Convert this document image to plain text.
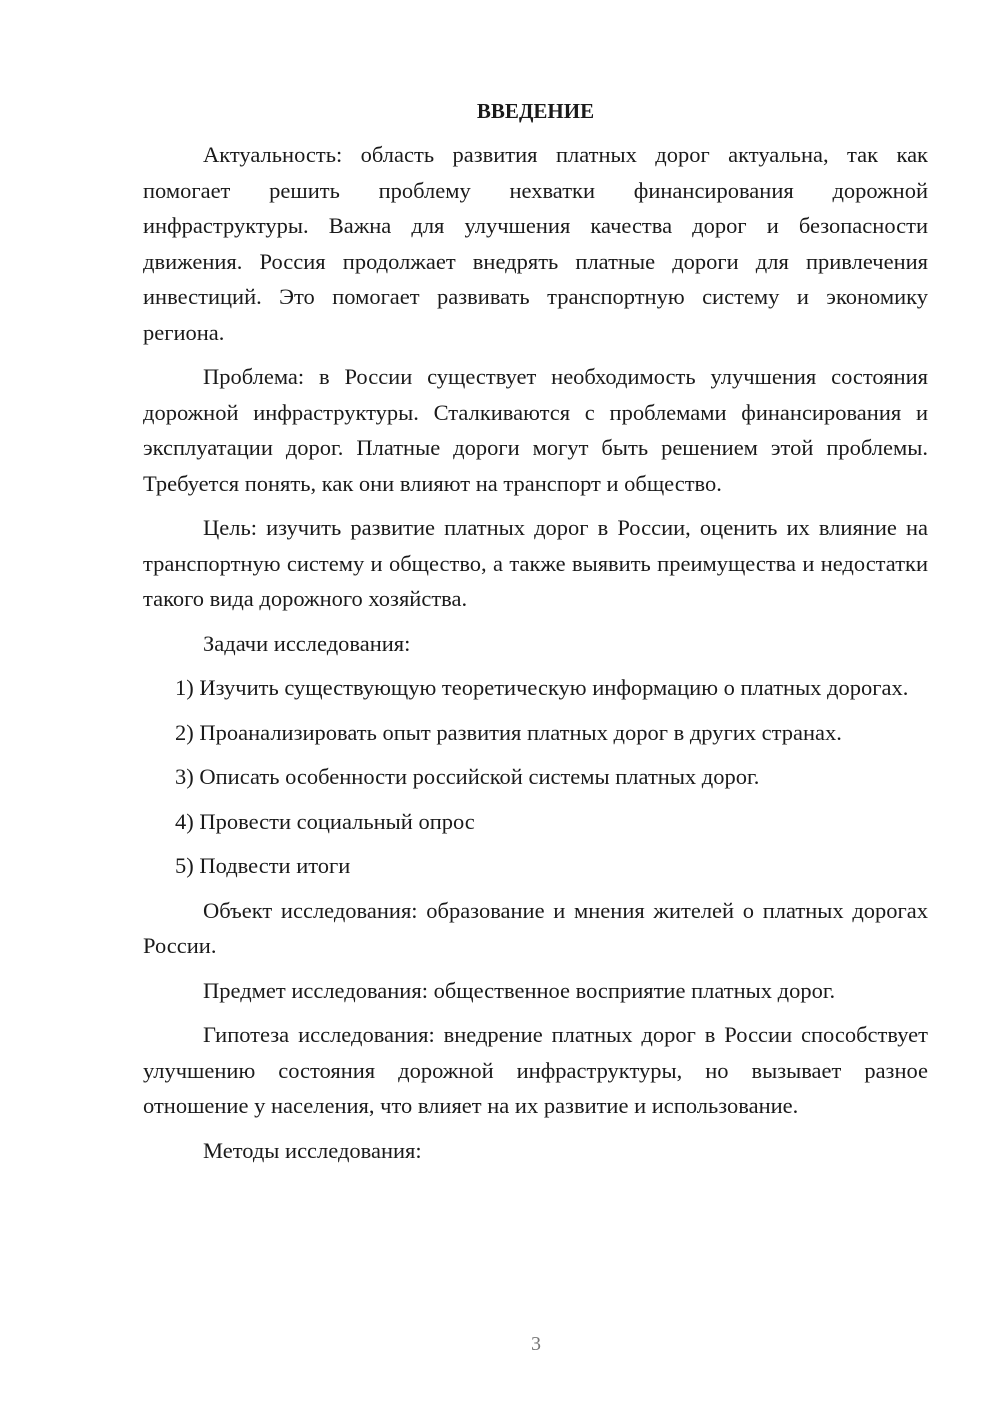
ВВЕДЕНИЕ

Актуальность: область развития платных дорог актуальна, так как помогает решить проблему нехватки финансирования дорожной инфраструктуры. Важна для улучшения качества дорог и безопасности движения. Россия продолжает внедрять платные дороги для привлечения инвестиций. Это помогает развивать транспортную систему и экономику региона.

Проблема: в России существует необходимость улучшения состояния дорожной инфраструктуры. Сталкиваются с проблемами финансирования и эксплуатации дорог. Платные дороги могут быть решением этой проблемы. Требуется понять, как они влияют на транспорт и общество.

Цель: изучить развитие платных дорог в России, оценить их влияние на транспортную систему и общество, а также выявить преимущества и недостатки такого вида дорожного хозяйства.

Задачи исследования:

1) Изучить существующую теоретическую информацию о платных дорогах.

2) Проанализировать опыт развития платных дорог в других странах.

3) Описать особенности российской системы платных дорог.

4) Провести социальный опрос

5) Подвести итоги

Объект исследования: образование и мнения жителей о платных дорогах России.

Предмет исследования: общественное восприятие платных дорог.

Гипотеза исследования: внедрение платных дорог в России способствует улучшению состояния дорожной инфраструктуры, но вызывает разное отношение у населения, что влияет на их развитие и использование.

Методы исследования:

3
